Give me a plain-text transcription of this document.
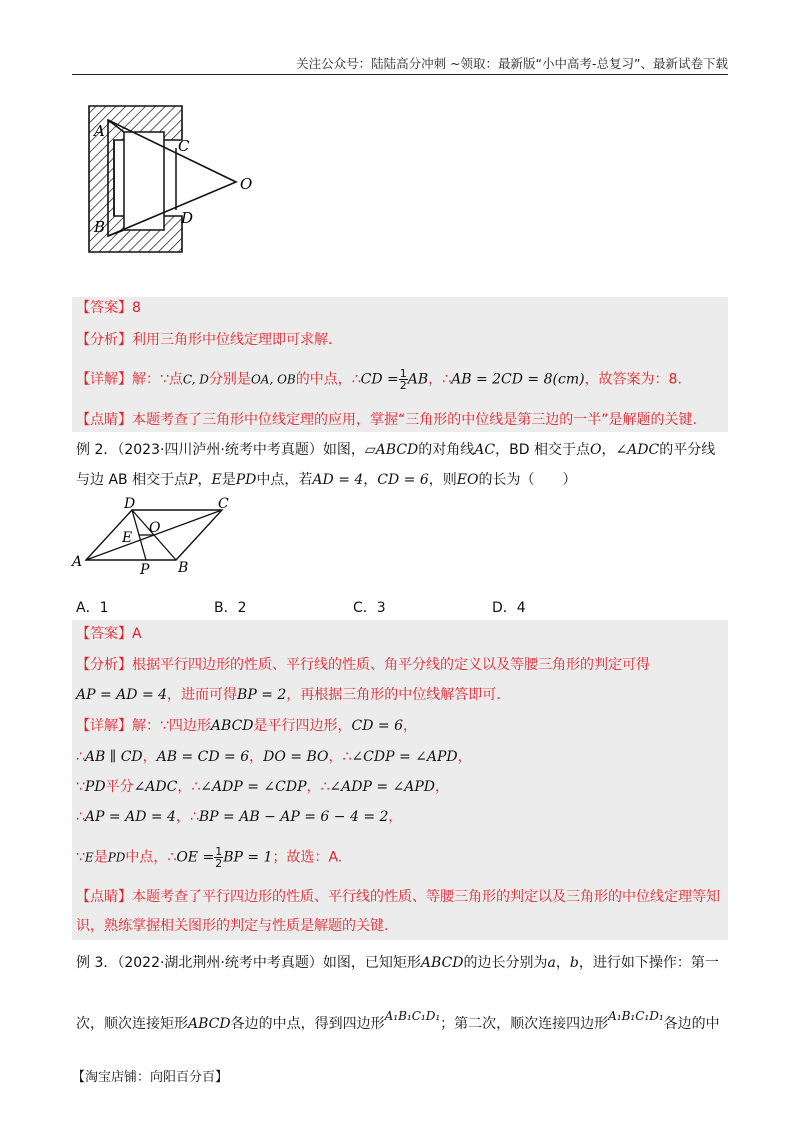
关注公众号：陆陆高分冲刺 ~领取：最新版“小中高考-总复习”、最新试卷下载
A
B
C
D
O
【答案】8
【分析】利用三角形中位线定理即可求解.
【详解】解：∵点C, D分别是OA, OB的中点，∴CD = $\frac{1}{2}$ AB，∴AB = 2CD = 8(cm)，故答案为：8.
【点睛】本题考查了三角形中位线定理的应用，掌握“三角形的中位线是第三边的一半”是解题的关键.
例 2．（2023·四川泸州·统考中考真题）如图，▱ABCD的对角线AC，BD 相交于点O，∠ADC的平分线
与边 AB 相交于点P，E是PD中点，若AD = 4，CD = 6，则EO的长为（　　）
A	B
C
D
E
O
P
A．1	B．2	C．3	D．4
【答案】A
【分析】根据平行四边形的性质、平行线的性质、角平分线的定义以及等腰三角形的判定可得
AP = AD = 4，进而可得BP = 2，再根据三角形的中位线解答即可.
【详解】解：∵四边形ABCD是平行四边形，CD = 6，
∴AB ∥ CD，AB = CD = 6，DO = BO，∴∠CDP = ∠APD，
∵PD平分∠ADC，∴∠ADP = ∠CDP，∴∠ADP = ∠APD，
∴AP = AD = 4，∴BP = AB − AP = 6 − 4 = 2，
∵E是PD中点，∴OE = $\frac{1}{2}$ BP = 1；故选：A.
【点睛】本题考查了平行四边形的性质、平行线的性质、等腰三角形的判定以及三角形的中位线定理等知
识，熟练掌握相关图形的判定与性质是解题的关键.
例 3．（2022·湖北荆州·统考中考真题）如图，已知矩形ABCD的边长分别为a，b，进行如下操作：第一
次，顺次连接矩形ABCD各边的中点，得到四边形A₁B₁C₁D₁；第二次，顺次连接四边形A₁B₁C₁D₁各边的中
【淘宝店铺：向阳百分百】
